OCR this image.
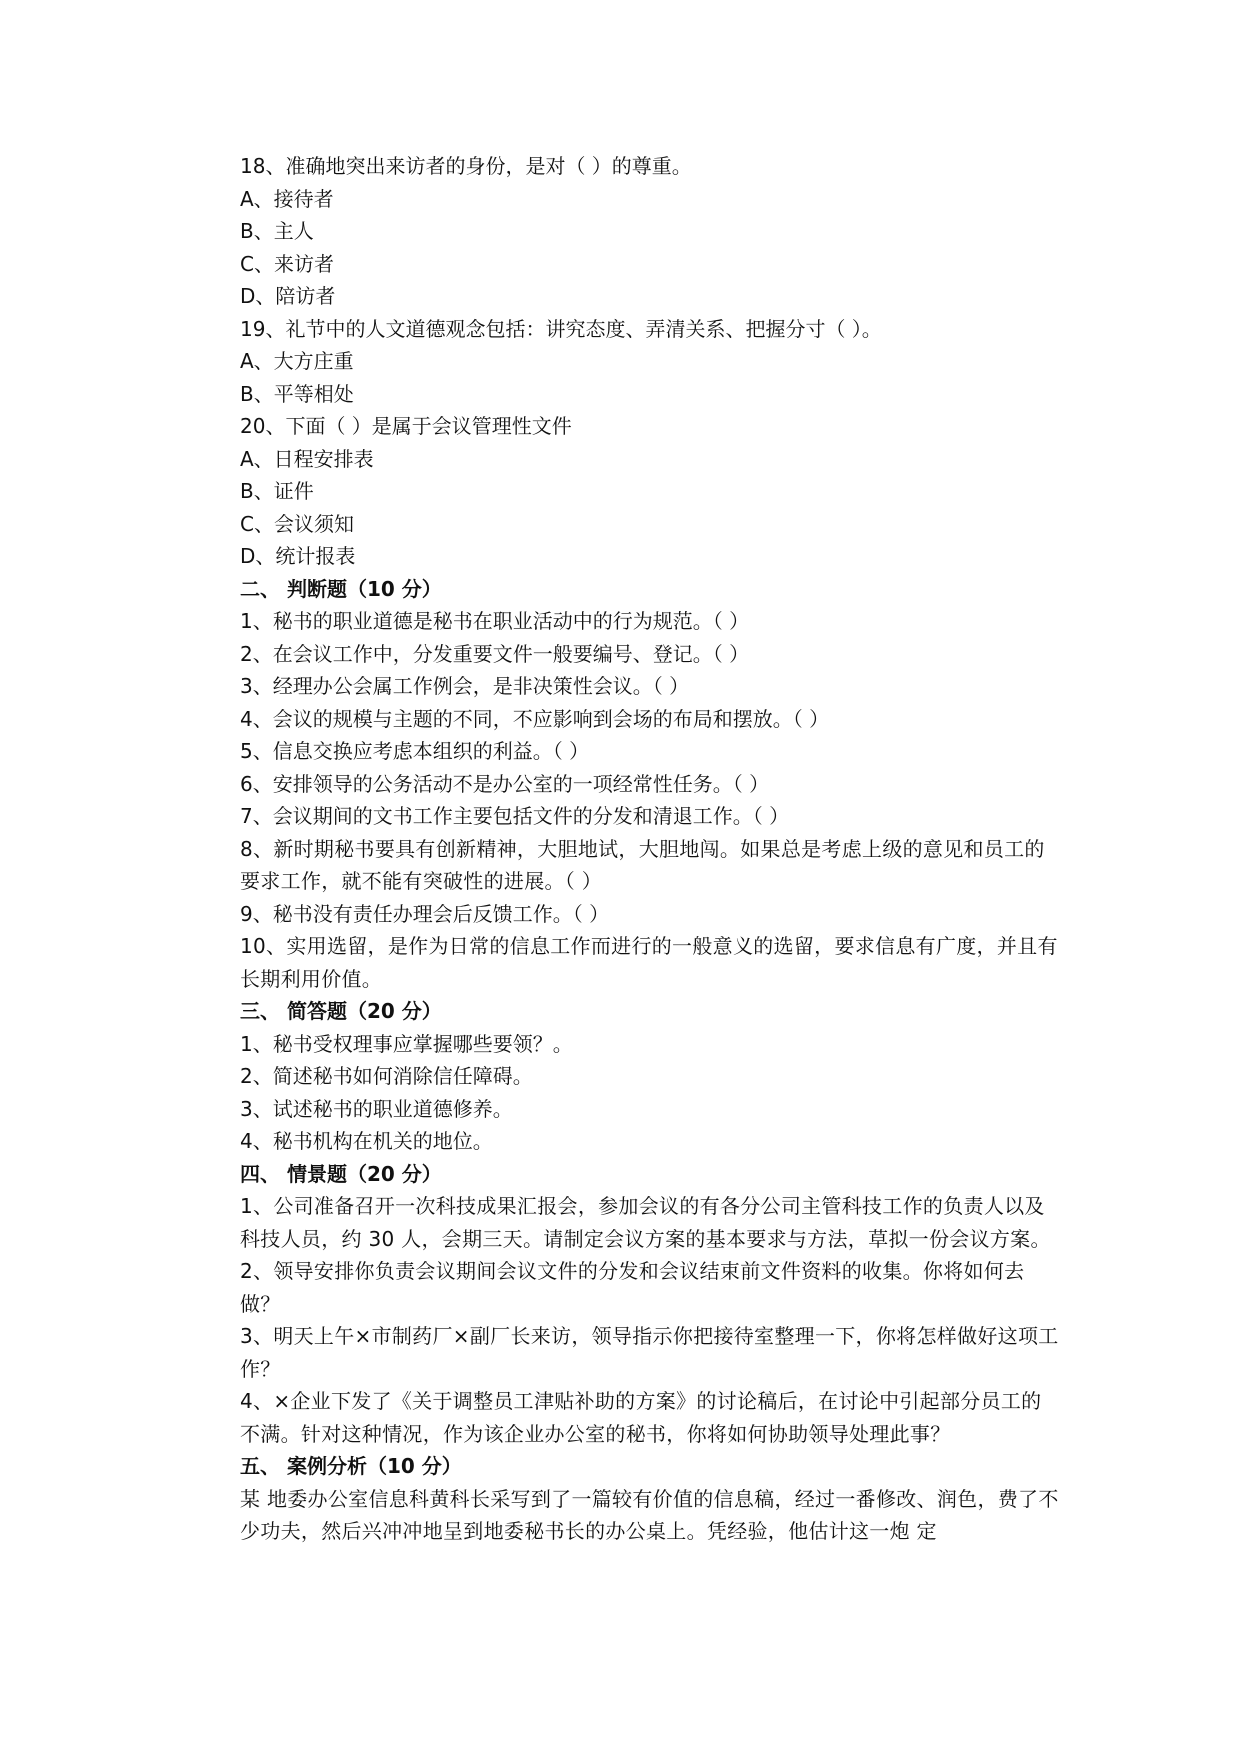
18、准确地突出来访者的身份，是对（ ）的尊重。
A、接待者
B、主人
C、来访者
D、陪访者
19、礼节中的人文道德观念包括：讲究态度、弄清关系、把握分寸（ ）。
A、大方庄重
B、平等相处
20、下面（ ）是属于会议管理性文件
A、日程安排表
B、证件
C、会议须知
D、统计报表
二、 判断题（10 分）
1、秘书的职业道德是秘书在职业活动中的行为规范。（ ）
2、在会议工作中，分发重要文件一般要编号、登记。（ ）
3、经理办公会属工作例会，是非决策性会议。（ ）
4、会议的规模与主题的不同，不应影响到会场的布局和摆放。（ ）
5、信息交换应考虑本组织的利益。（ ）
6、安排领导的公务活动不是办公室的一项经常性任务。（ ）
7、会议期间的文书工作主要包括文件的分发和清退工作。（ ）
8、新时期秘书要具有创新精神，大胆地试，大胆地闯。如果总是考虑上级的意见和员工的要求工作，就不能有突破性的进展。（ ）
9、秘书没有责任办理会后反馈工作。（ ）
10、实用选留，是作为日常的信息工作而进行的一般意义的选留，要求信息有广度，并且有长期利用价值。
三、 简答题（20 分）
1、秘书受权理事应掌握哪些要领？。
2、简述秘书如何消除信任障碍。
3、试述秘书的职业道德修养。
4、秘书机构在机关的地位。
四、 情景题（20 分）
1、公司准备召开一次科技成果汇报会，参加会议的有各分公司主管科技工作的负责人以及科技人员，约 30 人，会期三天。请制定会议方案的基本要求与方法，草拟一份会议方案。
2、领导安排你负责会议期间会议文件的分发和会议结束前文件资料的收集。你将如何去做？
3、明天上午×市制药厂×副厂长来访，领导指示你把接待室整理一下，你将怎样做好这项工作？
4、×企业下发了《关于调整员工津贴补助的方案》的讨论稿后，在讨论中引起部分员工的不满。针对这种情况，作为该企业办公室的秘书，你将如何协助领导处理此事？
五、 案例分析（10 分）
某 地委办公室信息科黄科长采写到了一篇较有价值的信息稿，经过一番修改、润色，费了不少功夫，然后兴冲冲地呈到地委秘书长的办公桌上。凭经验，他估计这一炮 定
